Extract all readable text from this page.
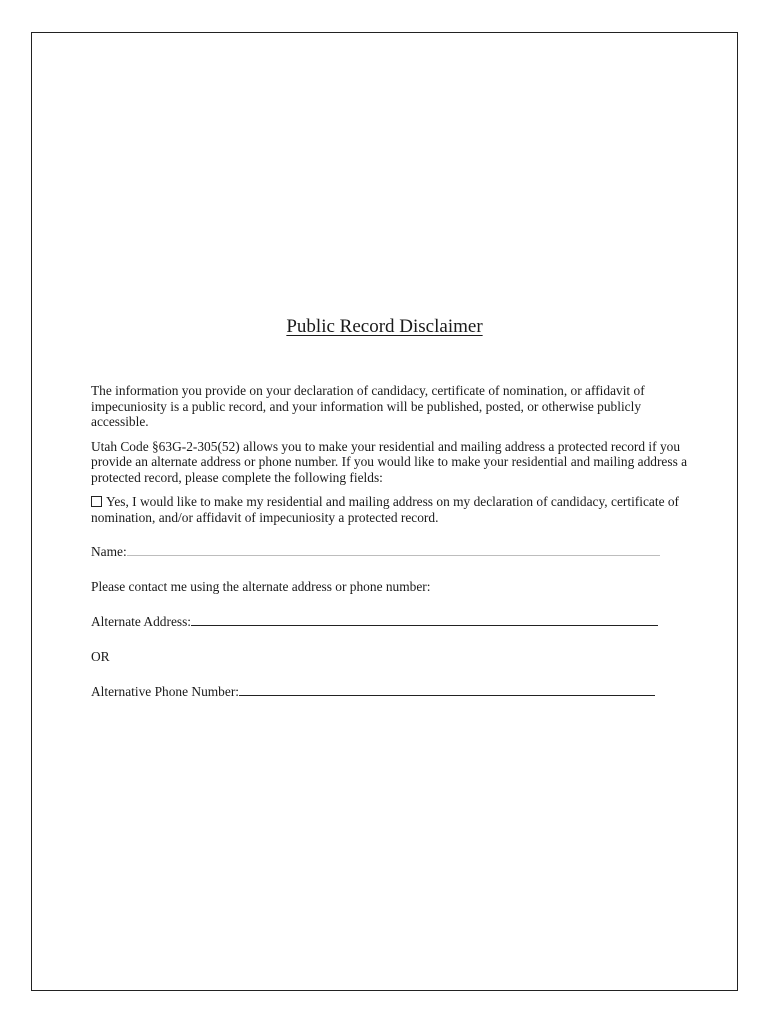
Public Record Disclaimer

The information you provide on your declaration of candidacy, certificate of nomination, or affidavit of impecuniosity is a public record, and your information will be published, posted, or otherwise publicly accessible.

Utah Code §63G-2-305(52) allows you to make your residential and mailing address a protected record if you provide an alternate address or phone number. If you would like to make your residential and mailing address a protected record, please complete the following fields:

Yes, I would like to make my residential and mailing address on my declaration of candidacy, certificate of nomination, and/or affidavit of impecuniosity a protected record.

Name:
Please contact me using the alternate address or phone number:
Alternate Address:
OR
Alternative Phone Number:
